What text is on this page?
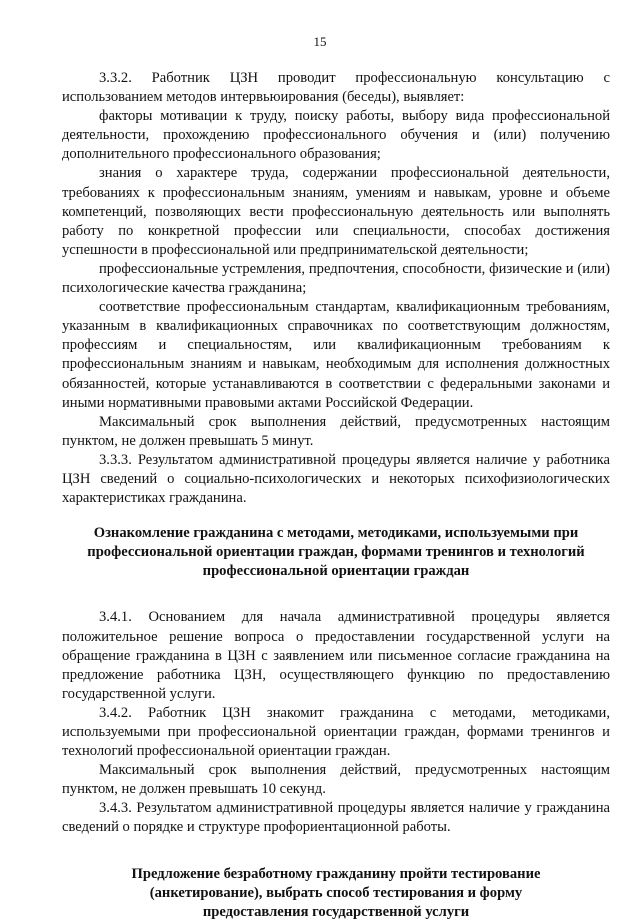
15

3.3.2. Работник ЦЗН проводит профессиональную консультацию с использованием методов интервьюирования (беседы), выявляет:

факторы мотивации к труду, поиску работы, выбору вида профессиональной деятельности, прохождению профессионального обучения и (или) получению дополнительного профессионального образования;

знания о характере труда, содержании профессиональной деятельности, требованиях к профессиональным знаниям, умениям и навыкам, уровне и объеме компетенций, позволяющих вести профессиональную деятельность или выполнять работу по конкретной профессии или специальности, способах достижения успешности в профессиональной или предпринимательской деятельности;

профессиональные устремления, предпочтения, способности, физические и (или) психологические качества гражданина;

соответствие профессиональным стандартам, квалификационным требованиям, указанным в квалификационных справочниках по соответствующим должностям, профессиям и специальностям, или квалификационным требованиям к профессиональным знаниям и навыкам, необходимым для исполнения должностных обязанностей, которые устанавливаются в соответствии с федеральными законами и иными нормативными правовыми актами Российской Федерации.

Максимальный срок выполнения действий, предусмотренных настоящим пунктом, не должен превышать 5 минут.

3.3.3. Результатом административной процедуры является наличие у работника ЦЗН сведений о социально-психологических и некоторых психофизиологических характеристиках гражданина.

Ознакомление гражданина с методами, методиками, используемыми при профессиональной ориентации граждан, формами тренингов и технологий профессиональной ориентации граждан

3.4.1. Основанием для начала административной процедуры является положительное решение вопроса о предоставлении государственной услуги на обращение гражданина в ЦЗН с заявлением или письменное согласие гражданина на предложение работника ЦЗН, осуществляющего функцию по предоставлению государственной услуги.

3.4.2. Работник ЦЗН знакомит гражданина с методами, методиками, используемыми при профессиональной ориентации граждан, формами тренингов и технологий профессиональной ориентации граждан.

Максимальный срок выполнения действий, предусмотренных настоящим пунктом, не должен превышать 10 секунд.

3.4.3. Результатом административной процедуры является наличие у гражданина сведений о порядке и структуре профориентационной работы.

Предложение безработному гражданину пройти тестирование (анкетирование), выбрать способ тестирования и форму предоставления государственной услуги
